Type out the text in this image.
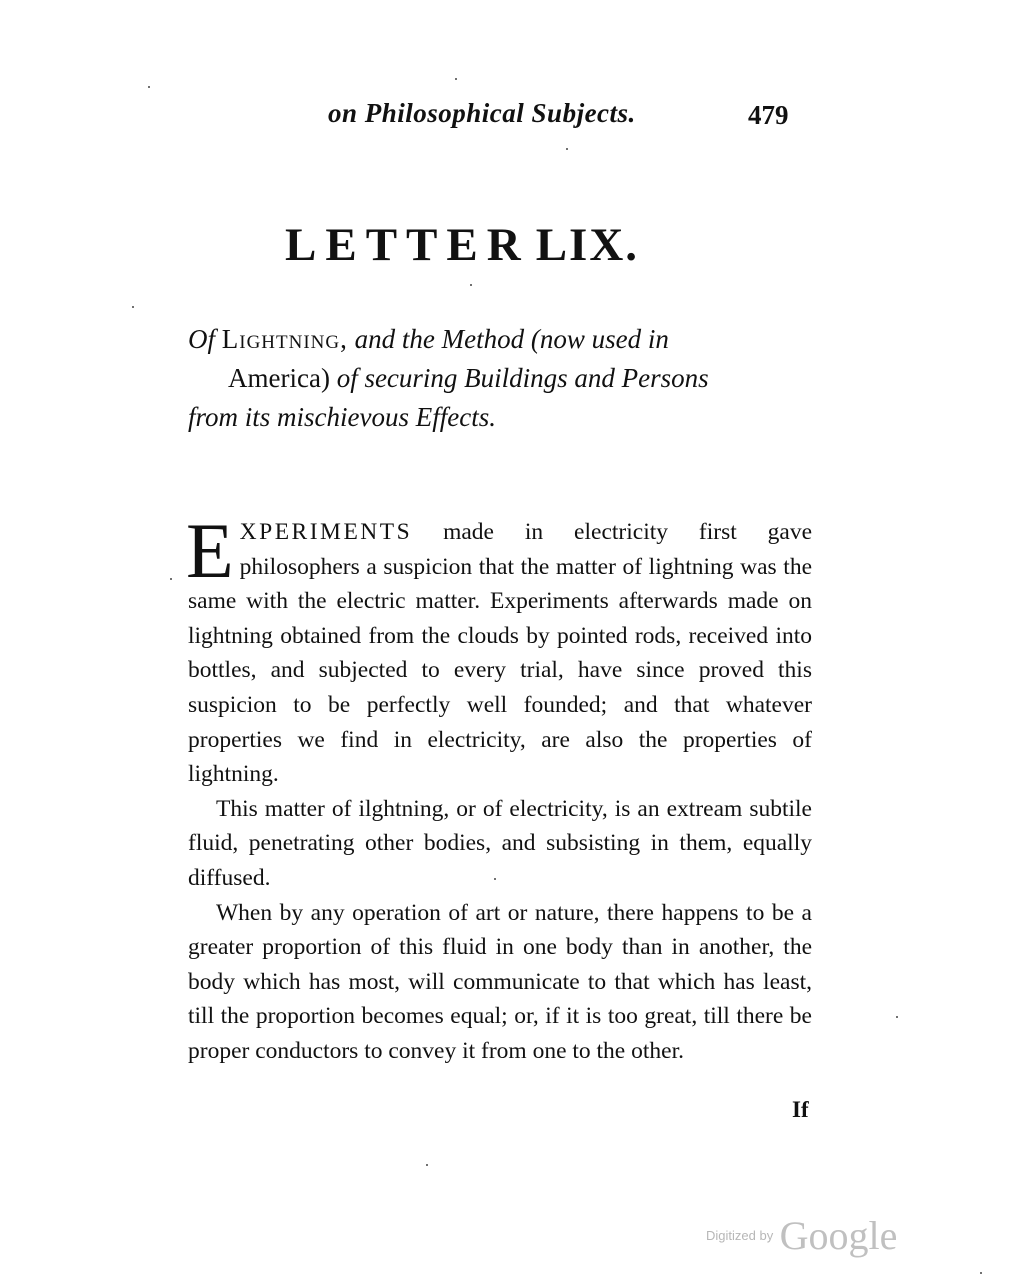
on Philosophical Subjects.	479
LETTER LIX.
Of Lightning, and the Method (now used in
America) of securing Buildings and Persons
from its mischievous Effects.

EXPERIMENTS made in electricity first gave philosophers a suspicion that the matter of lightning was the same with the electric matter. Experiments afterwards made on lightning obtained from the clouds by pointed rods, received into bottles, and subjected to every trial, have since proved this suspicion to be perfectly well founded; and that whatever properties we find in electricity, are also the properties of lightning.

This matter of ilghtning, or of electricity, is an extream subtile fluid, penetrating other bodies, and subsisting in them, equally diffused.

When by any operation of art or nature, there happens to be a greater proportion of this fluid in one body than in another, the body which has most, will communicate to that which has least, till the proportion becomes equal; or, if it is too great, till there be proper conductors to convey it from one to the other.

If
Digitized by Google
